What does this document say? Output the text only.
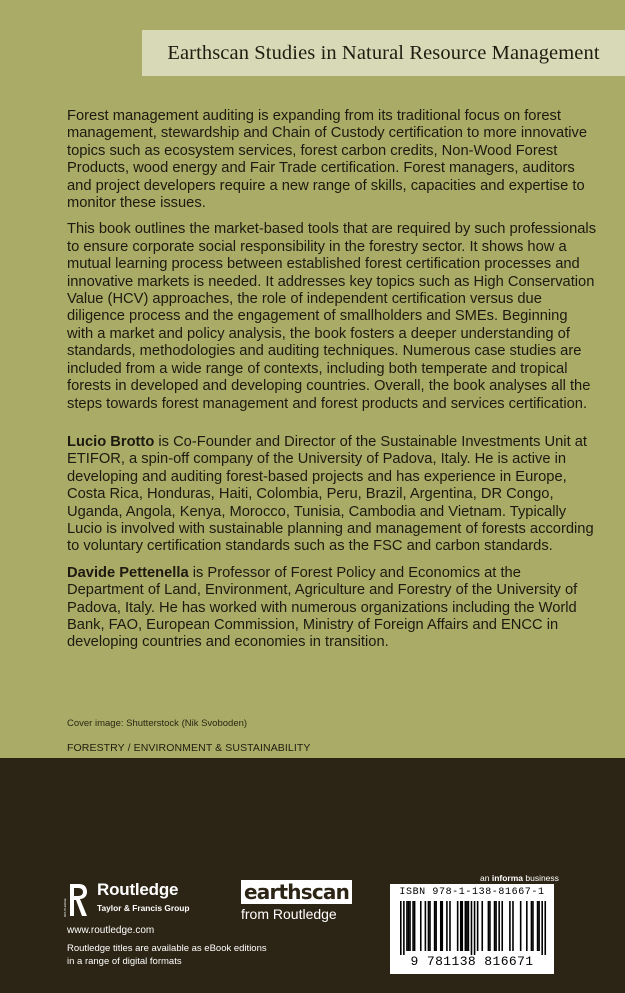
Earthscan Studies in Natural Resource Management

Forest management auditing is expanding from its traditional focus on forest management, stewardship and Chain of Custody certification to more innovative topics such as ecosystem services, forest carbon credits, Non-Wood Forest Products, wood energy and Fair Trade certification. Forest managers, auditors and project developers require a new range of skills, capacities and expertise to monitor these issues.

This book outlines the market-based tools that are required by such professionals to ensure corporate social responsibility in the forestry sector. It shows how a mutual learning process between established forest certification processes and innovative markets is needed. It addresses key topics such as High Conservation Value (HCV) approaches, the role of independent certification versus due diligence process and the engagement of smallholders and SMEs. Beginning with a market and policy analysis, the book fosters a deeper understanding of standards, methodologies and auditing techniques. Numerous case studies are included from a wide range of contexts, including both temperate and tropical forests in developed and developing countries. Overall, the book analyses all the steps towards forest management and forest products and services certification.

Lucio Brotto is Co-Founder and Director of the Sustainable Investments Unit at ETIFOR, a spin-off company of the University of Padova, Italy. He is active in developing and auditing forest-based projects and has experience in Europe, Costa Rica, Honduras, Haiti, Colombia, Peru, Brazil, Argentina, DR Congo, Uganda, Angola, Kenya, Morocco, Tunisia, Cambodia and Vietnam. Typically Lucio is involved with sustainable planning and management of forests according to voluntary certification standards such as the FSC and carbon standards.

Davide Pettenella is Professor of Forest Policy and Economics at the Department of Land, Environment, Agriculture and Forestry of the University of Padova, Italy. He has worked with numerous organizations including the World Bank, FAO, European Commission, Ministry of Foreign Affairs and ENCC in developing countries and economies in transition.

Cover image: Shutterstock (Nik Svoboden)
FORESTRY / ENVIRONMENT & SUSTAINABILITY
ROUTLEDGE
Routledge
Taylor & Francis Group
www.routledge.com
Routledge titles are available as eBook editions in a range of digital formats
earthscan
from Routledge
an informa business
ISBN 978-1-138-81667-1
9 781138 816671
